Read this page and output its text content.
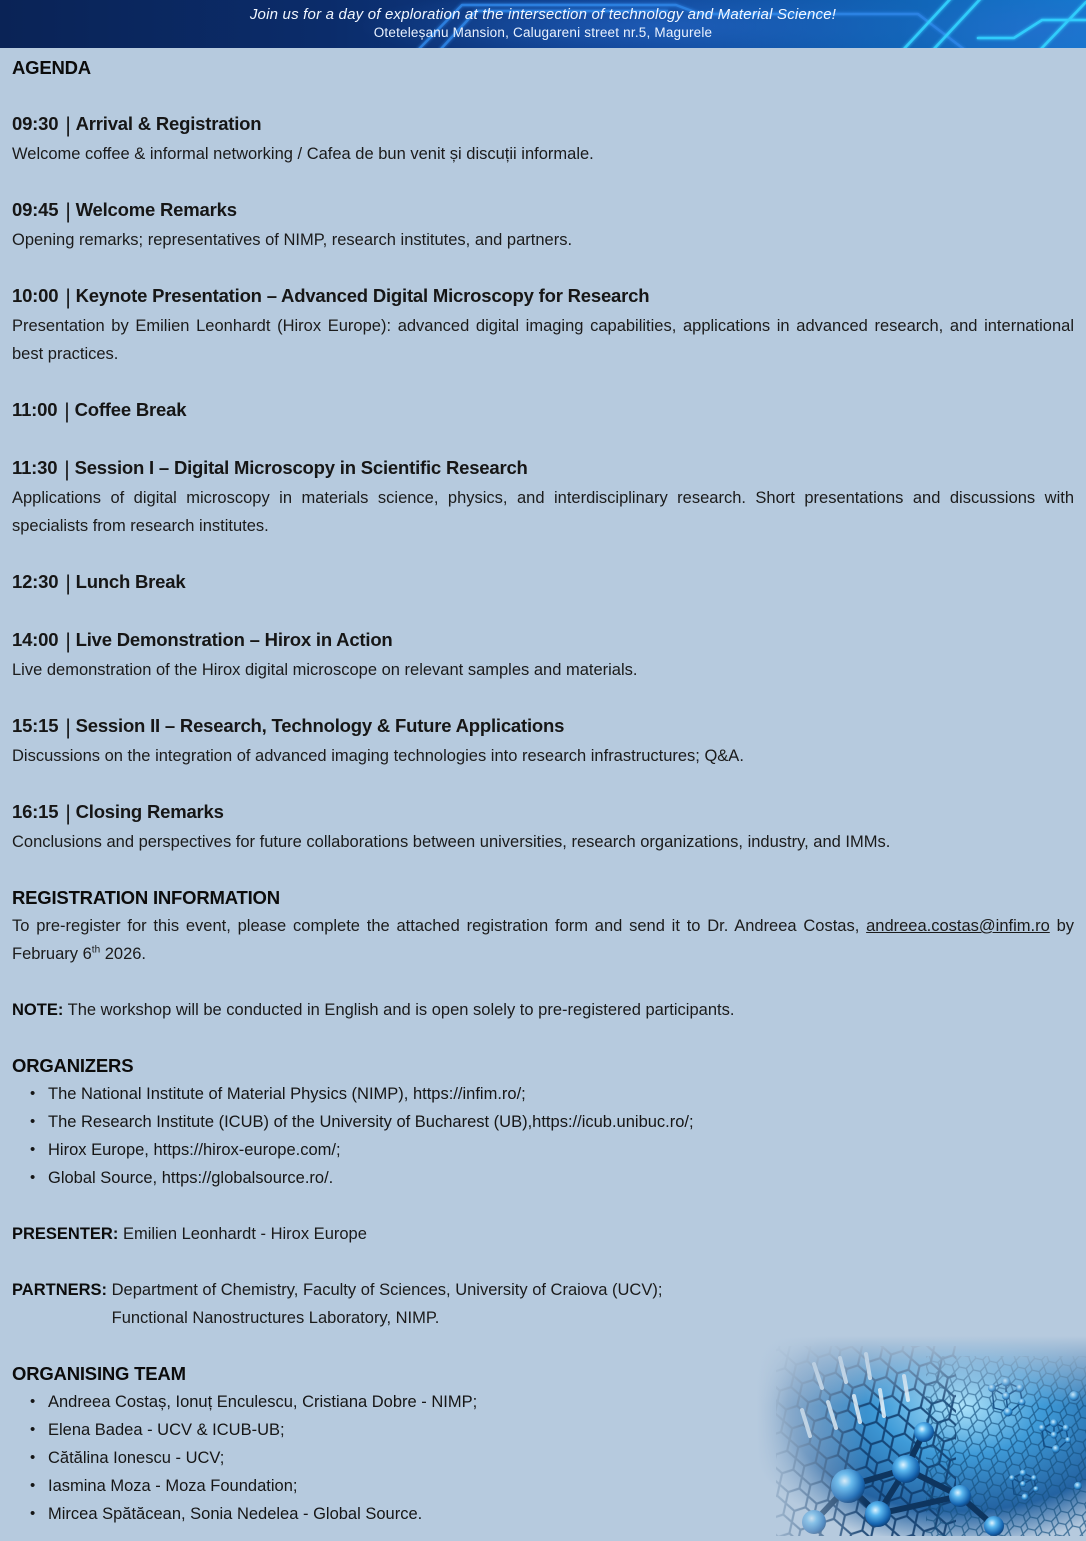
Join us for a day of exploration at the intersection of technology and Material Science!
Oteteleșanu Mansion, Calugareni street nr.5, Magurele
AGENDA
09:30 | Arrival & Registration

Welcome coffee & informal networking / Cafea de bun venit și discuții informale.

09:45 | Welcome Remarks

Opening remarks; representatives of NIMP, research institutes, and partners.

10:00 | Keynote Presentation – Advanced Digital Microscopy for Research

Presentation by Emilien Leonhardt (Hirox Europe): advanced digital imaging capabilities, applications in advanced research, and international best practices.

11:00 | Coffee Break
11:30 | Session I – Digital Microscopy in Scientific Research

Applications of digital microscopy in materials science, physics, and interdisciplinary research. Short presentations and discussions with specialists from research institutes.

12:30 | Lunch Break
14:00 | Live Demonstration – Hirox in Action

Live demonstration of the Hirox digital microscope on relevant samples and materials.

15:15 | Session II – Research, Technology & Future Applications

Discussions on the integration of advanced imaging technologies into research infrastructures; Q&A.

16:15 | Closing Remarks

Conclusions and perspectives for future collaborations between universities, research organizations, industry, and IMMs.

REGISTRATION INFORMATION

To pre-register for this event, please complete the attached registration form and send it to Dr. Andreea Costas, andreea.costas@infim.ro by February 6th 2026.

NOTE: The workshop will be conducted in English and is open solely to pre-registered participants.

ORGANIZERS
• The National Institute of Material Physics (NIMP), https://infim.ro/;
• The Research Institute (ICUB) of the University of Bucharest (UB),https://icub.unibuc.ro/;
• Hirox Europe, https://hirox-europe.com/;
• Global Source, https://globalsource.ro/.

PRESENTER: Emilien Leonhardt - Hirox Europe

PARTNERS: Department of Chemistry, Faculty of Sciences, University of Craiova (UCV);
Functional Nanostructures Laboratory, NIMP.
ORGANISING TEAM
• Andreea Costaș, Ionuț Enculescu, Cristiana Dobre - NIMP;
• Elena Badea - UCV & ICUB-UB;
• Cătălina Ionescu - UCV;
• Iasmina Moza - Moza Foundation;
• Mircea Spătăcean, Sonia Nedelea - Global Source.
